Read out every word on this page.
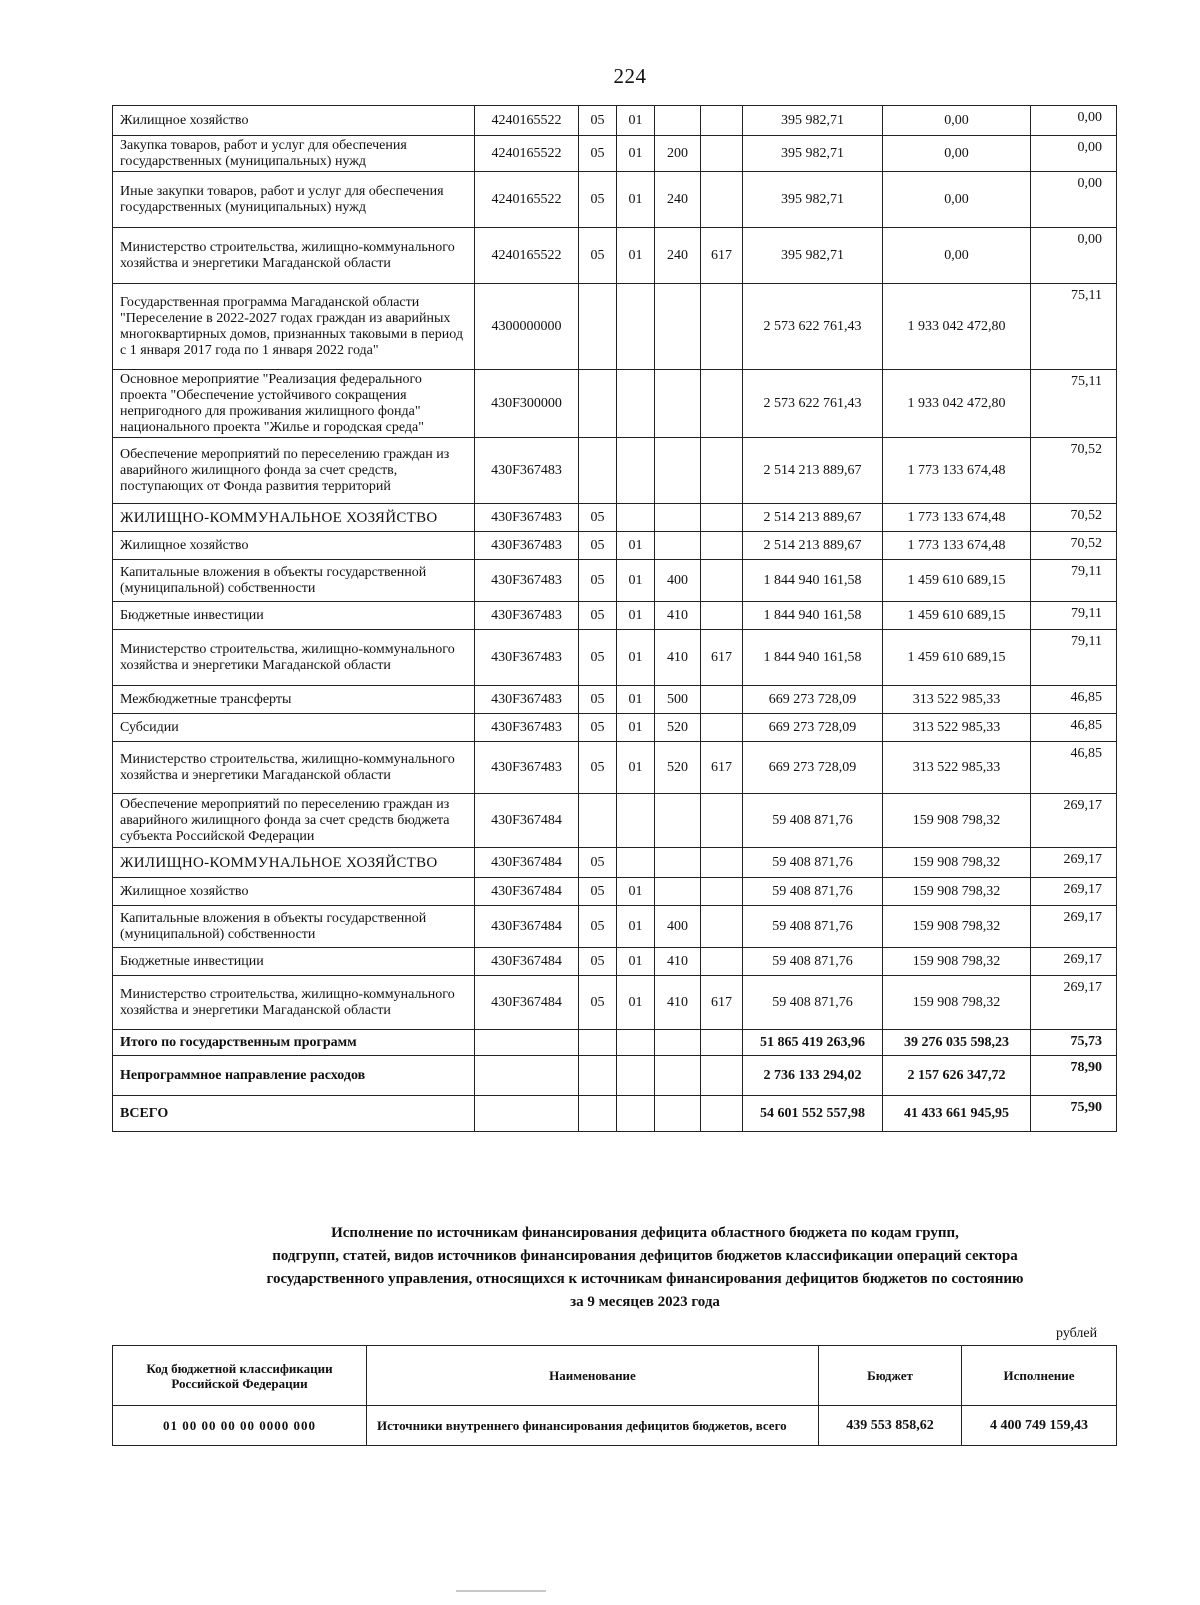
224
Жилищное хозяйство	4240165522	05	01			395 982,71	0,00	0,00
Закупка товаров, работ и услуг для обеспечения государственных (муниципальных) нужд	4240165522	05	01	200		395 982,71	0,00	0,00
Иные закупки товаров, работ и услуг для обеспечения государственных (муниципальных) нужд	4240165522	05	01	240		395 982,71	0,00	0,00
Министерство строительства, жилищно-коммунального хозяйства и энергетики Магаданской области	4240165522	05	01	240	617	395 982,71	0,00	0,00
Государственная программа Магаданской области "Переселение в 2022-2027 годах граждан из аварийных многоквартирных домов, признанных таковыми в период с 1 января 2017 года по 1 января 2022 года"	4300000000					2 573 622 761,43	1 933 042 472,80	75,11
Основное мероприятие "Реализация федерального проекта "Обеспечение устойчивого сокращения непригодного для проживания жилищного фонда" национального проекта "Жилье и городская среда"	430F300000					2 573 622 761,43	1 933 042 472,80	75,11
Обеспечение мероприятий по переселению граждан из аварийного жилищного фонда за счет средств, поступающих от Фонда развития территорий	430F367483					2 514 213 889,67	1 773 133 674,48	70,52
ЖИЛИЩНО-КОММУНАЛЬНОЕ ХОЗЯЙСТВО	430F367483	05				2 514 213 889,67	1 773 133 674,48	70,52
Жилищное хозяйство	430F367483	05	01			2 514 213 889,67	1 773 133 674,48	70,52
Капитальные вложения в объекты государственной (муниципальной) собственности	430F367483	05	01	400		1 844 940 161,58	1 459 610 689,15	79,11
Бюджетные инвестиции	430F367483	05	01	410		1 844 940 161,58	1 459 610 689,15	79,11
Министерство строительства, жилищно-коммунального хозяйства и энергетики Магаданской области	430F367483	05	01	410	617	1 844 940 161,58	1 459 610 689,15	79,11
Межбюджетные трансферты	430F367483	05	01	500		669 273 728,09	313 522 985,33	46,85
Субсидии	430F367483	05	01	520		669 273 728,09	313 522 985,33	46,85
Министерство строительства, жилищно-коммунального хозяйства и энергетики Магаданской области	430F367483	05	01	520	617	669 273 728,09	313 522 985,33	46,85
Обеспечение мероприятий по переселению граждан из аварийного жилищного фонда за счет средств бюджета субъекта Российской Федерации	430F367484					59 408 871,76	159 908 798,32	269,17
ЖИЛИЩНО-КОММУНАЛЬНОЕ ХОЗЯЙСТВО	430F367484	05				59 408 871,76	159 908 798,32	269,17
Жилищное хозяйство	430F367484	05	01			59 408 871,76	159 908 798,32	269,17
Капитальные вложения в объекты государственной (муниципальной) собственности	430F367484	05	01	400		59 408 871,76	159 908 798,32	269,17
Бюджетные инвестиции	430F367484	05	01	410		59 408 871,76	159 908 798,32	269,17
Министерство строительства, жилищно-коммунального хозяйства и энергетики Магаданской области	430F367484	05	01	410	617	59 408 871,76	159 908 798,32	269,17
Итого по государственным программ						51 865 419 263,96	39 276 035 598,23	75,73
Непрограммное направление расходов						2 736 133 294,02	2 157 626 347,72	78,90
ВСЕГО						54 601 552 557,98	41 433 661 945,95	75,90
Исполнение по источникам финансирования дефицита областного бюджета по кодам групп,
подгрупп, статей, видов источников финансирования дефицитов бюджетов классификации операций сектора
государственного управления, относящихся к источникам финансирования дефицитов бюджетов по состоянию
за 9 месяцев 2023 года
рублей
Код бюджетной классификации Российской Федерации	Наименование	Бюджет	Исполнение
01 00 00 00 00 0000 000	Источники внутреннего финансирования дефицитов бюджетов, всего	439 553 858,62	4 400 749 159,43
